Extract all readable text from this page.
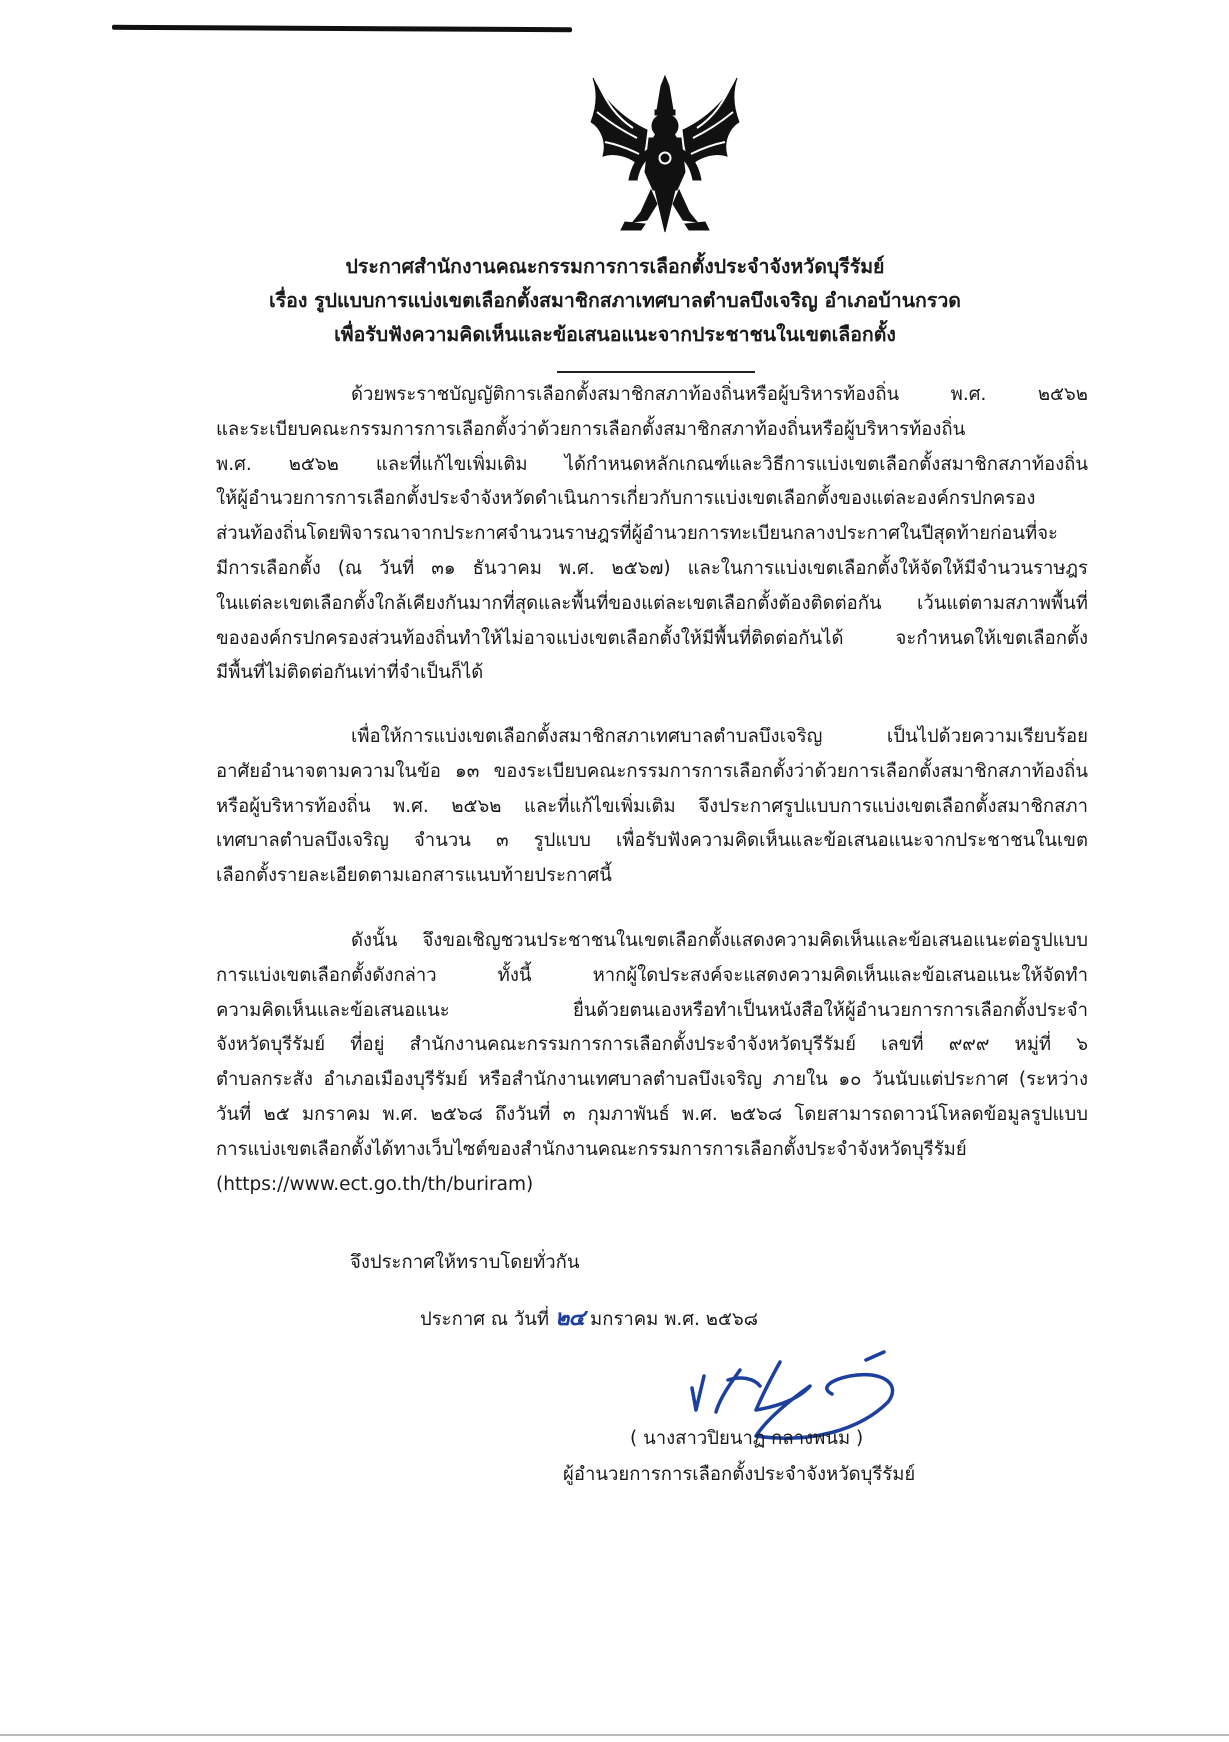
ประกาศสำนักงานคณะกรรมการการเลือกตั้งประจำจังหวัดบุรีรัมย์
เรื่อง รูปแบบการแบ่งเขตเลือกตั้งสมาชิกสภาเทศบาลตำบลบึงเจริญ อำเภอบ้านกรวด
เพื่อรับฟังความคิดเห็นและข้อเสนอแนะจากประชาชนในเขตเลือกตั้ง
ด้วยพระราชบัญญัติการเลือกตั้งสมาชิกสภาท้องถิ่นหรือผู้บริหารท้องถิ่น พ.ศ. ๒๕๖๒
และระเบียบคณะกรรมการการเลือกตั้งว่าด้วยการเลือกตั้งสมาชิกสภาท้องถิ่นหรือผู้บริหารท้องถิ่น
พ.ศ. ๒๕๖๒ และที่แก้ไขเพิ่มเติม ได้กำหนดหลักเกณฑ์และวิธีการแบ่งเขตเลือกตั้งสมาชิกสภาท้องถิ่น
ให้ผู้อำนวยการการเลือกตั้งประจำจังหวัดดำเนินการเกี่ยวกับการแบ่งเขตเลือกตั้งของแต่ละองค์กรปกครอง
ส่วนท้องถิ่นโดยพิจารณาจากประกาศจำนวนราษฎรที่ผู้อำนวยการทะเบียนกลางประกาศในปีสุดท้ายก่อนที่จะ
มีการเลือกตั้ง (ณ วันที่ ๓๑ ธันวาคม พ.ศ. ๒๕๖๗) และในการแบ่งเขตเลือกตั้งให้จัดให้มีจำนวนราษฎร
ในแต่ละเขตเลือกตั้งใกล้เคียงกันมากที่สุดและพื้นที่ของแต่ละเขตเลือกตั้งต้องติดต่อกัน เว้นแต่ตามสภาพพื้นที่
ขององค์กรปกครองส่วนท้องถิ่นทำให้ไม่อาจแบ่งเขตเลือกตั้งให้มีพื้นที่ติดต่อกันได้ จะกำหนดให้เขตเลือกตั้ง
มีพื้นที่ไม่ติดต่อกันเท่าที่จำเป็นก็ได้
เพื่อให้การแบ่งเขตเลือกตั้งสมาชิกสภาเทศบาลตำบลบึงเจริญ เป็นไปด้วยความเรียบร้อย
อาศัยอำนาจตามความในข้อ ๑๓ ของระเบียบคณะกรรมการการเลือกตั้งว่าด้วยการเลือกตั้งสมาชิกสภาท้องถิ่น
หรือผู้บริหารท้องถิ่น พ.ศ. ๒๕๖๒ และที่แก้ไขเพิ่มเติม จึงประกาศรูปแบบการแบ่งเขตเลือกตั้งสมาชิกสภา
เทศบาลตำบลบึงเจริญ จำนวน ๓ รูปแบบ เพื่อรับฟังความคิดเห็นและข้อเสนอแนะจากประชาชนในเขต
เลือกตั้งรายละเอียดตามเอกสารแนบท้ายประกาศนี้
ดังนั้น จึงขอเชิญชวนประชาชนในเขตเลือกตั้งแสดงความคิดเห็นและข้อเสนอแนะต่อรูปแบบ
การแบ่งเขตเลือกตั้งดังกล่าว ทั้งนี้ หากผู้ใดประสงค์จะแสดงความคิดเห็นและข้อเสนอแนะให้จัดทำ
ความคิดเห็นและข้อเสนอแนะ ยื่นด้วยตนเองหรือทำเป็นหนังสือให้ผู้อำนวยการการเลือกตั้งประจำ
จังหวัดบุรีรัมย์ ที่อยู่ สำนักงานคณะกรรมการการเลือกตั้งประจำจังหวัดบุรีรัมย์ เลขที่ ๙๙๙ หมู่ที่ ๖
ตำบลกระสัง อำเภอเมืองบุรีรัมย์ หรือสำนักงานเทศบาลตำบลบึงเจริญ ภายใน ๑๐ วันนับแต่ประกาศ (ระหว่าง
วันที่ ๒๕ มกราคม พ.ศ. ๒๕๖๘ ถึงวันที่ ๓ กุมภาพันธ์ พ.ศ. ๒๕๖๘ โดยสามารถดาวน์โหลดข้อมูลรูปแบบ
การแบ่งเขตเลือกตั้งได้ทางเว็บไซต์ของสำนักงานคณะกรรมการการเลือกตั้งประจำจังหวัดบุรีรัมย์
(https://www.ect.go.th/th/buriram)
จึงประกาศให้ทราบโดยทั่วกัน
ประกาศ ณ วันที่ ๒๔ มกราคม พ.ศ. ๒๕๖๘
( นางสาวปิยนาฏ กลางพนม )
ผู้อำนวยการการเลือกตั้งประจำจังหวัดบุรีรัมย์
